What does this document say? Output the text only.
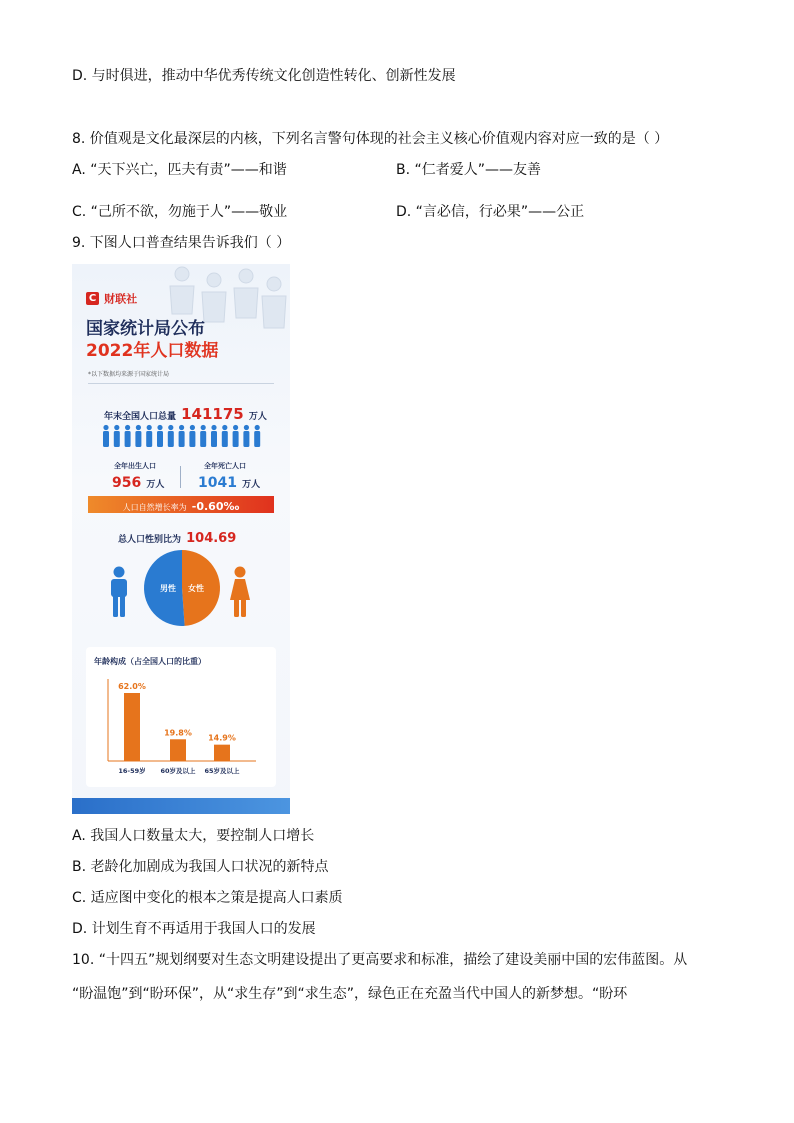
D. 与时俱进，推动中华优秀传统文化创造性转化、创新性发展
8. 价值观是文化最深层的内核，下列名言警句体现的社会主义核心价值观内容对应一致的是（ ）
A. “天下兴亡，匹夫有责”——和谐	B. “仁者爱人”——友善
C. “己所不欲，勿施于人”——敬业	D. “言必信，行必果”——公正
9. 下图人口普查结果告诉我们（ ）
C 财联社
国家统计局公布
2022年人口数据
*以下数据均来源于国家统计局
年末全国人口总量 141175 万人
全年出生人口
956 万人
全年死亡人口
1041 万人
人口自然增长率为 -0.60‰
总人口性别比为 104.69
男性 女性
年龄构成（占全国人口的比重）
62.0%
16-59岁
19.8%
60岁及以上
14.9%
65岁及以上
A. 我国人口数量太大，要控制人口增长
B. 老龄化加剧成为我国人口状况的新特点
C. 适应图中变化的根本之策是提高人口素质
D. 计划生育不再适用于我国人口的发展
10. “十四五”规划纲要对生态文明建设提出了更高要求和标准，描绘了建设美丽中国的宏伟蓝图。从
“盼温饱”到“盼环保”，从“求生存”到“求生态”，绿色正在充盈当代中国人的新梦想。“盼环
